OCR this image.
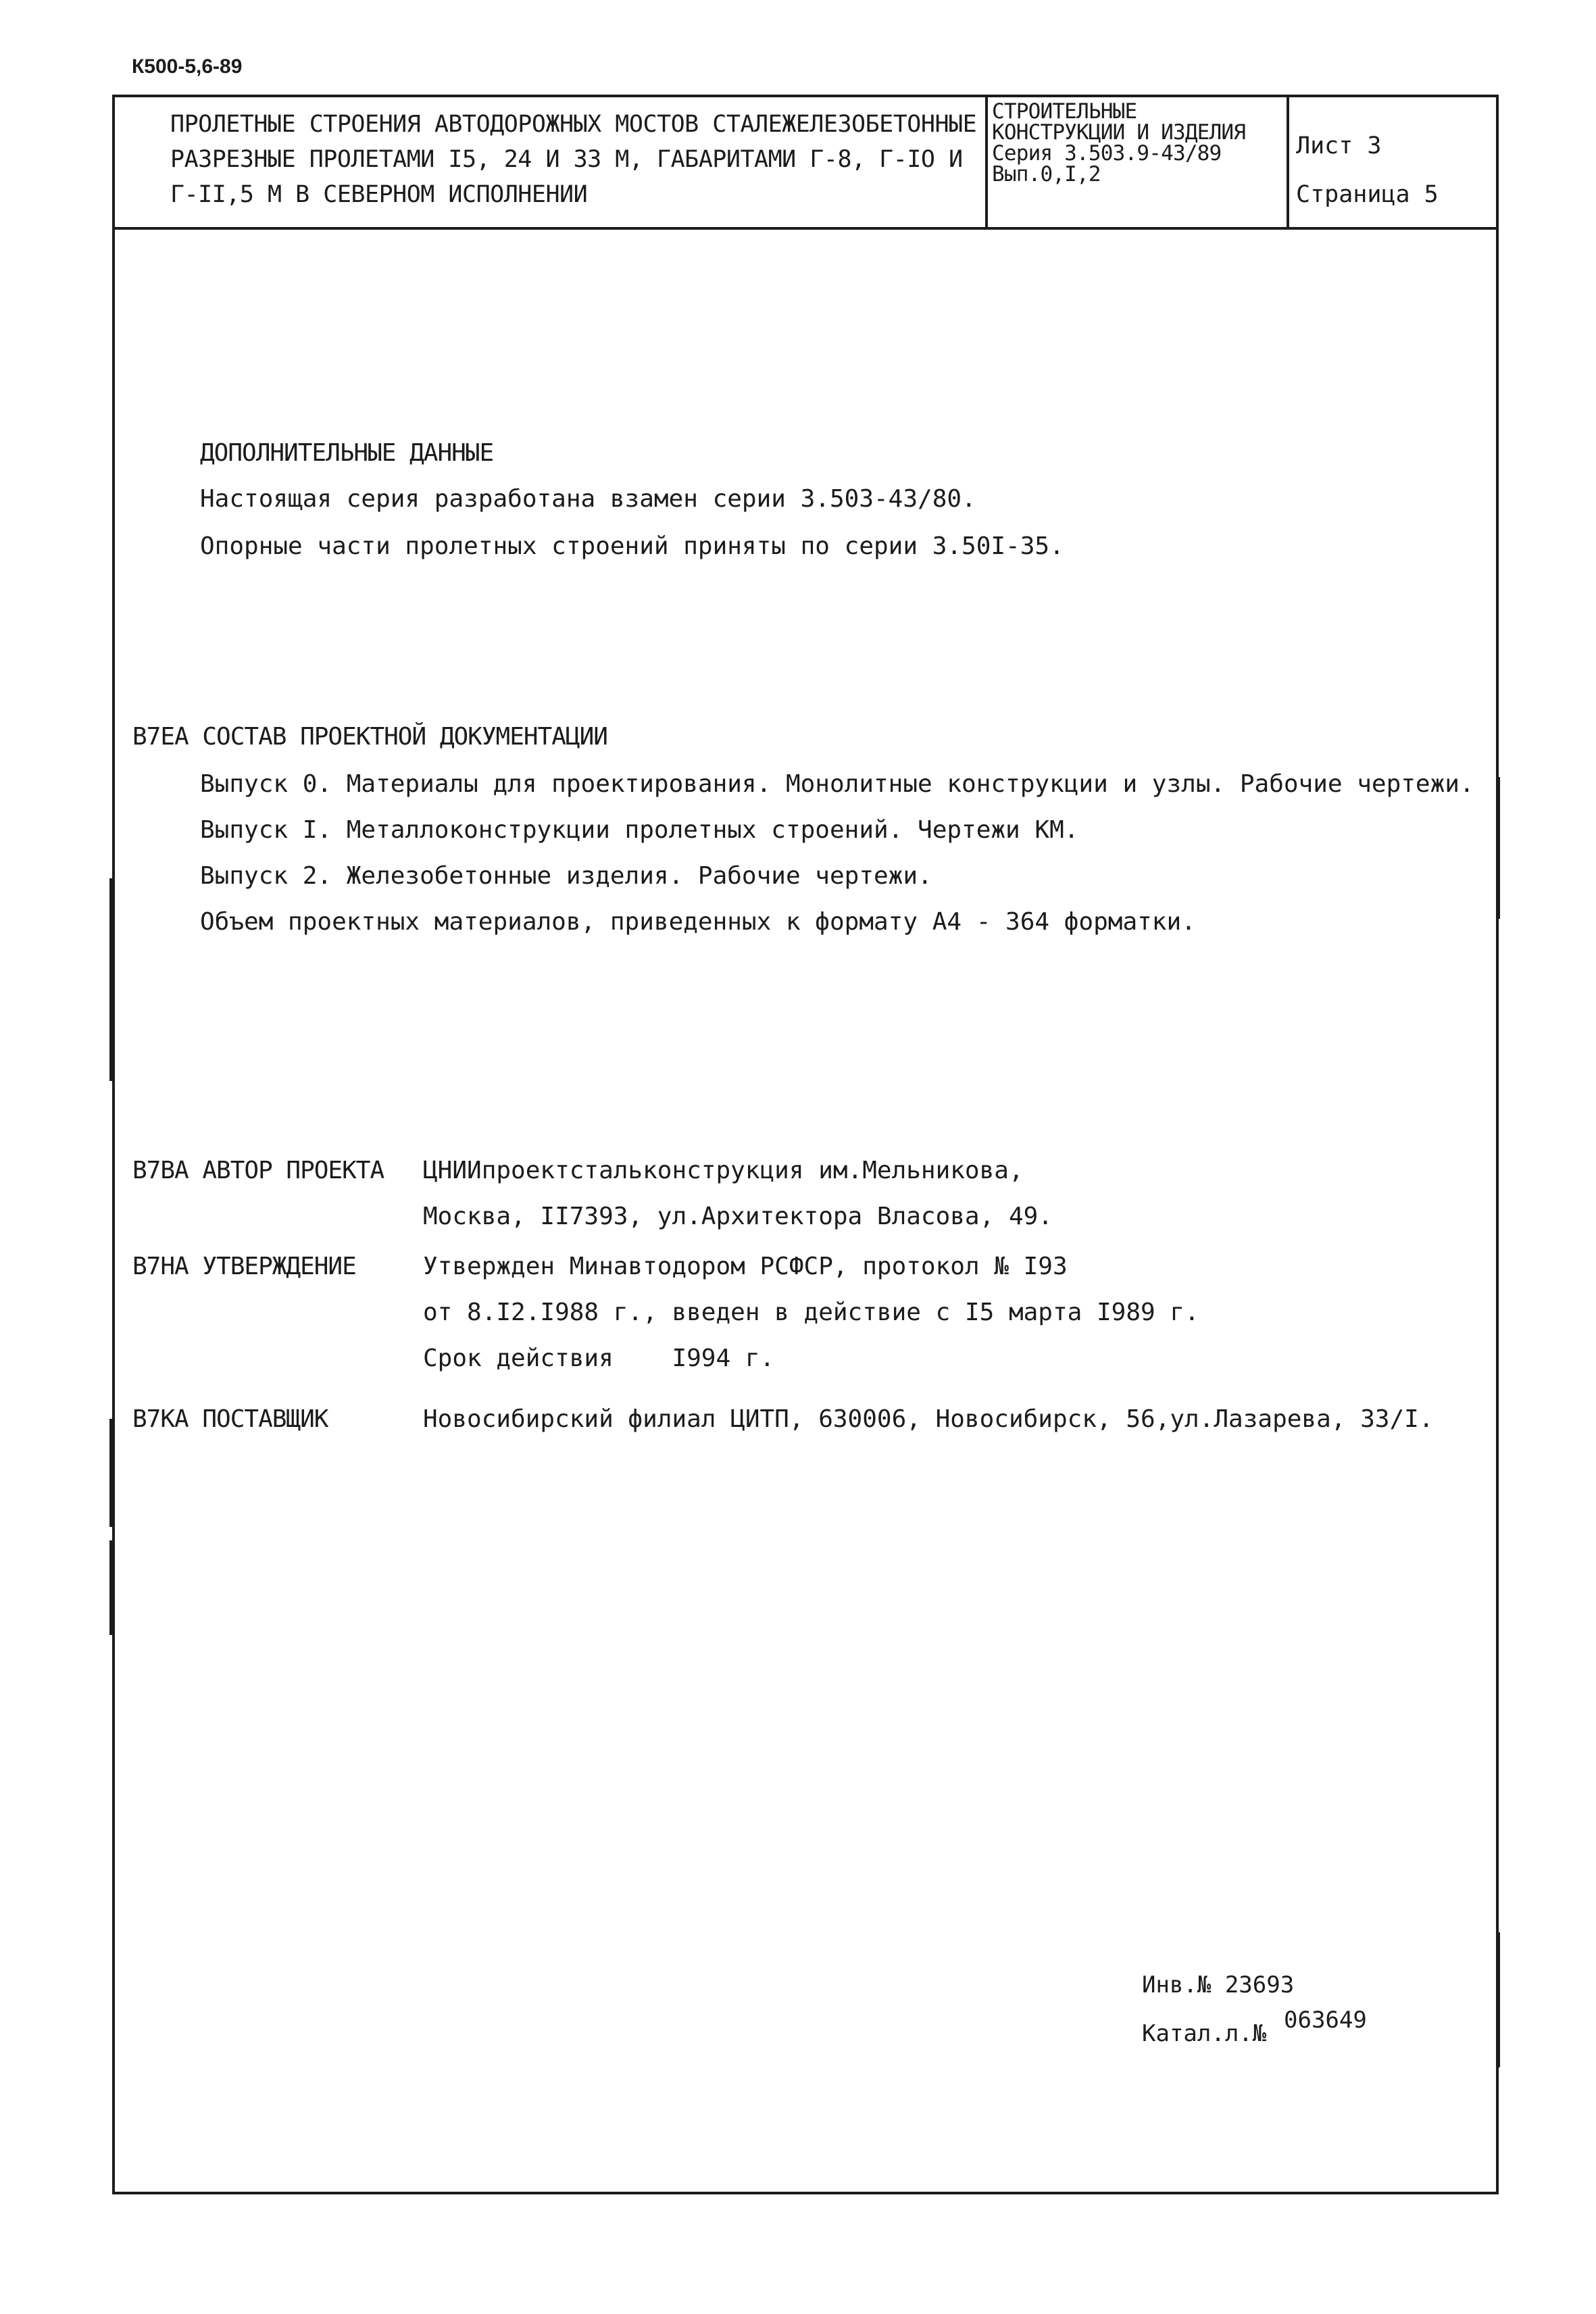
К500-5,6-89
ПРОЛЕТНЫЕ СТРОЕНИЯ АВТОДОРОЖНЫХ МОСТОВ СТАЛЕЖЕЛЕЗОБЕТОННЫЕ
РАЗРЕЗНЫЕ ПРОЛЕТАМИ I5, 24 И 33 М, ГАБАРИТАМИ Г-8, Г-IO И
Г-II,5 М В СЕВЕРНОМ ИСПОЛНЕНИИ
СТРОИТЕЛЬНЫЕ
КОНСТРУКЦИИ И ИЗДЕЛИЯ
Серия 3.503.9-43/89
Вып.0,I,2
Лист 3
Страница 5
ДОПОЛНИТЕЛЬНЫЕ ДАННЫЕ
Настоящая серия разработана взамен серии 3.503-43/80.
Опорные части пролетных строений приняты по серии 3.50I-35.
В7ЕА СОСТАВ ПРОЕКТНОЙ ДОКУМЕНТАЦИИ
Выпуск 0. Материалы для проектирования. Монолитные конструкции и узлы. Рабочие чертежи.
Выпуск I. Металлоконструкции пролетных строений. Чертежи КМ.
Выпуск 2. Железобетонные изделия. Рабочие чертежи.
Объем проектных материалов, приведенных к формату А4 - 364 форматки.
В7ВА АВТОР ПРОЕКТА ЦНИИпроектстальконструкция им.Мельникова,
Москва, II7393, ул.Архитектора Власова, 49.
В7НА УТВЕРЖДЕНИЕ	Утвержден Минавтодором РСФСР, протокол № I93
от 8.I2.I988 г., введен в действие с I5 марта I989 г.
Срок действия    I994 г.
В7КА ПОСТАВЩИК	Новосибирский филиал ЦИТП, 630006, Новосибирск, 56,ул.Лазарева, 33/I.
Инв.№ 23693
Катал.л.№ 063649
